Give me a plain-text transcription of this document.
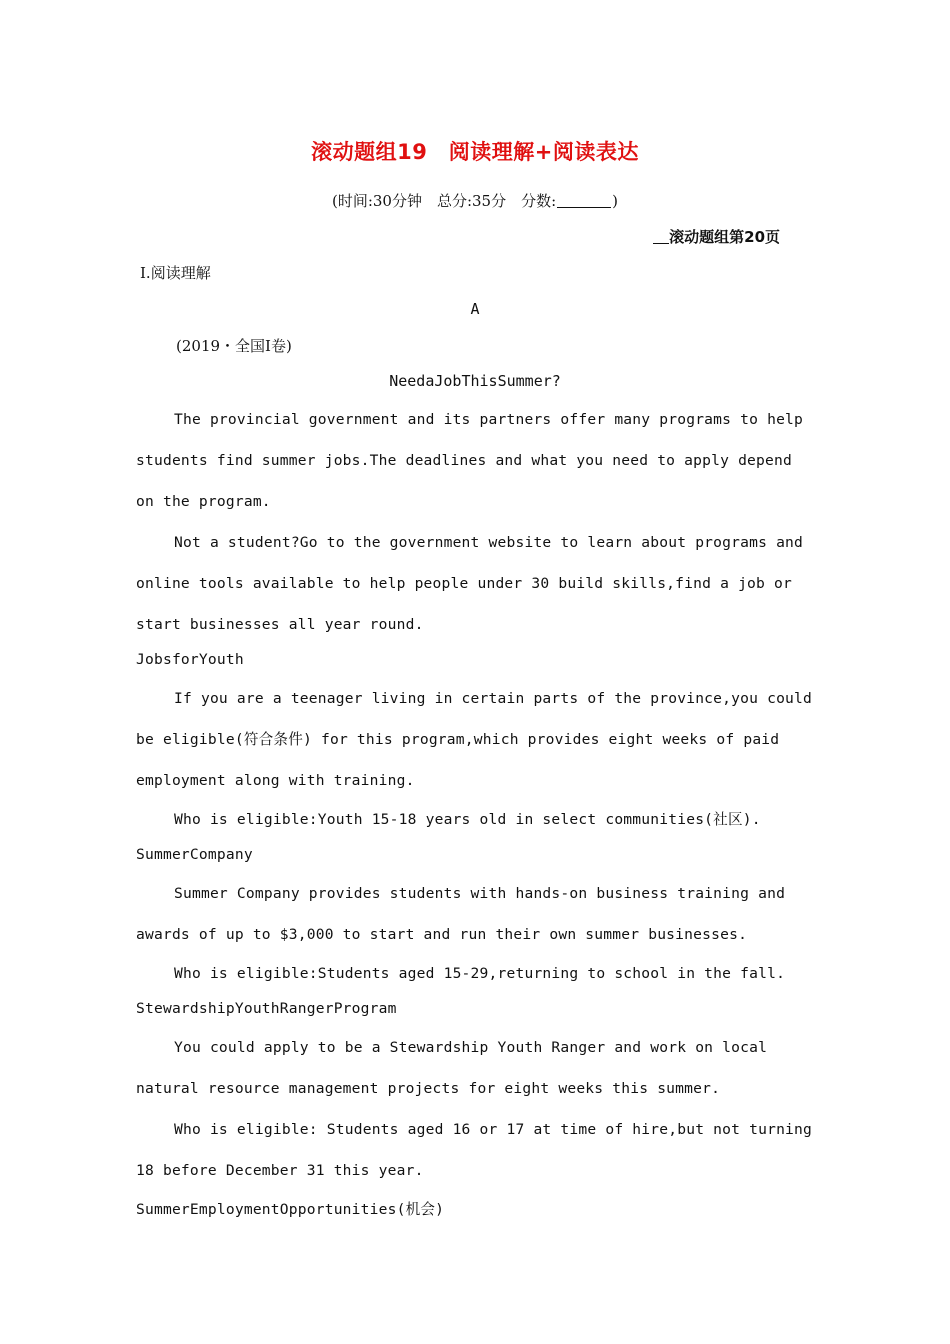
滚动题组19　阅读理解+阅读表达
(时间:30分钟　总分:35分　分数:	)
滚动题组第20页
Ⅰ.阅读理解
A
(2019・全国Ⅰ卷)
NeedaJobThisSummer?

The provincial government and its partners offer many programs to help students find summer jobs.The deadlines and what you need to apply depend on the program.

Not a student?Go to the government website to learn about programs and online tools available to help people under 30 build skills,find a job or start businesses all year round.

JobsforYouth

If you are a teenager living in certain parts of the province,you could be eligible(符合条件) for this program,which provides eight weeks of paid employment along with training.

Who is eligible:Youth 15-18 years old in select communities(社区).

SummerCompany

Summer Company provides students with hands-on business training and awards of up to $3,000 to start and run their own summer businesses.

Who is eligible:Students aged 15-29,returning to school in the fall.

StewardshipYouthRangerProgram

You could apply to be a Stewardship Youth Ranger and work on local natural resource management projects for eight weeks this summer.

Who is eligible: Students aged 16 or 17 at time of hire,but not turning 18 before December 31 this year.

SummerEmploymentOpportunities(机会)
